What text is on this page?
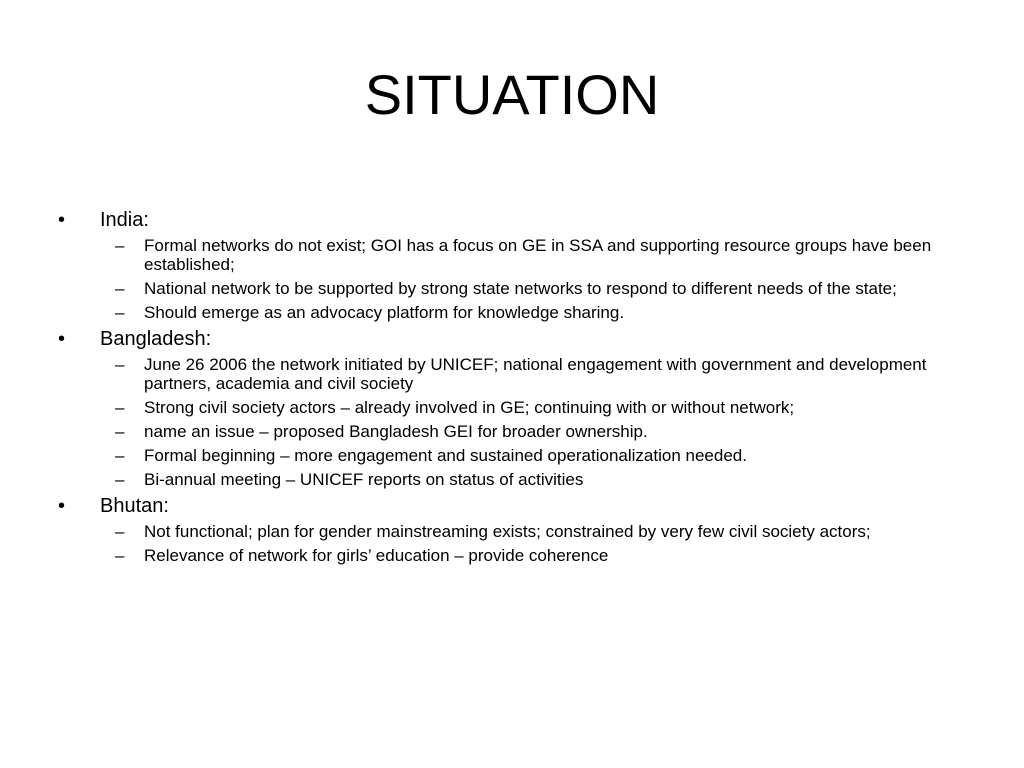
SITUATION
•	India:
– Formal networks do not exist; GOI has a focus on GE in SSA and supporting resource groups have been established;
– National network to be supported by strong state networks to respond to different needs of the state;
– Should emerge as an advocacy platform for knowledge sharing.
•	Bangladesh:
– June 26 2006 the network initiated by UNICEF; national engagement with government and development partners, academia and civil society
– Strong civil society actors – already involved in GE; continuing with or without network;
– name an issue – proposed Bangladesh GEI for broader ownership.
– Formal beginning – more engagement and sustained operationalization needed.
– Bi-annual meeting – UNICEF reports on status of activities
•	Bhutan:
– Not functional; plan for gender mainstreaming exists; constrained by very few civil society actors;
– Relevance of network for girls’ education – provide coherence
